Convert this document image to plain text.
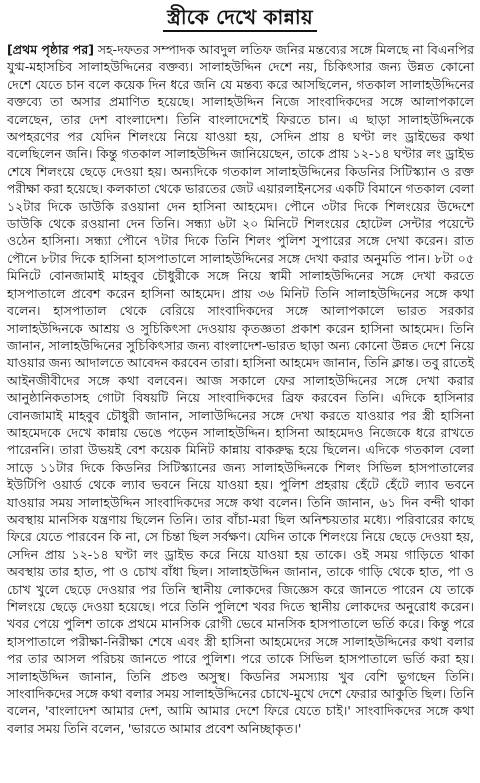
স্ত্রীকে দেখে কান্নায়
[প্রথম পৃষ্ঠার পর] সহ-দফতর সম্পাদক আবদুল লতিফ জনির মন্তব্যের সঙ্গে মিলছে না বিএনপির যুগ্ম-মহাসচিব সালাহউদ্দিনের বক্তব্য। সালাহউদ্দিন দেশে নয়, চিকিৎসার জন্য উন্নত কোনো দেশে যেতে চান বলে কয়েক দিন ধরে জনি যে মন্তব্য করে আসছিলেন, গতকাল সালাহউদ্দিনের বক্তব্যে তা অসার প্রমাণিত হয়েছে। সালাহউদ্দিন নিজে সাংবাদিকদের সঙ্গে আলাপকালে বলেছেন, তার দেশ বাংলাদেশ। তিনি বাংলাদেশেই ফিরতে চান। এ ছাড়া সালাহউদ্দিনকে অপহরণের পর যেদিন শিলংয়ে নিয়ে যাওয়া হয়, সেদিন প্রায় ৪ ঘণ্টা লং ড্রাইভের কথা বলেছিলেন জনি। কিন্তু গতকাল সালাহউদ্দিন জানিয়েছেন, তাকে প্রায় ১২-১৪ ঘণ্টার লং ড্রাইভ শেষে শিলংয়ে ছেড়ে দেওয়া হয়। অন্যদিকে গতকাল সালাহউদ্দিনের কিডনির সিটিস্ক্যান ও রক্ত পরীক্ষা করা হয়েছে। কলকাতা থেকে ভারতের জেট এয়ারলাইনসের একটি বিমানে গতকাল বেলা ১২টার দিকে ডাউকি রওয়ানা দেন হাসিনা আহমেদ। পৌনে ৩টার দিকে শিলংয়ের উদ্দেশে ডাউকি থেকে রওয়ানা দেন তিনি। সন্ধ্যা ৬টা ২০ মিনিটে শিলংয়ের হোটেল সেন্টার পয়েন্টে ওঠেন হাসিনা। সন্ধ্যা পৌনে ৭টার দিকে তিনি শিলং পুলিশ সুপারের সঙ্গে দেখা করেন। রাত পৌনে ৮টার দিকে হাসিনা হাসপাতালে সালাহউদ্দিনের সঙ্গে দেখা করার অনুমতি পান। ৮টা ০৫ মিনিটে বোনজামাই মাহবুব চৌধুরীকে সঙ্গে নিয়ে স্বামী সালাহউদ্দিনের সঙ্গে দেখা করতে হাসপাতালে প্রবেশ করেন হাসিনা আহমেদ। প্রায় ৩৬ মিনিট তিনি সালাহউদ্দিনের সঙ্গে কথা বলেন। হাসপাতাল থেকে বেরিয়ে সাংবাদিকদের সঙ্গে আলাপকালে ভারত সরকার সালাহউদ্দিনকে আশ্রয় ও সুচিকিৎসা দেওয়ায় কৃতজ্ঞতা প্রকাশ করেন হাসিনা আহমেদ। তিনি জানান, সালাহউদ্দিনের সুচিকিৎসার জন্য বাংলাদেশ-ভারত ছাড়া অন্য কোনো উন্নত দেশে নিয়ে যাওয়ার জন্য আদালতে আবেদন করবেন তারা। হাসিনা আহমেদ জানান, তিনি ক্লান্ত। তবু রাতেই আইনজীবীদের সঙ্গে কথা বলবেন। আজ সকালে ফের সালাহউদ্দিনের সঙ্গে দেখা করার আনুষ্ঠানিকতাসহ গোটা বিষয়টি নিয়ে সাংবাদিকদের ব্রিফ করবেন তিনি। এদিকে হাসিনার বোনজামাই মাহবুব চৌধুরী জানান, সালাউদ্দিনের সঙ্গে দেখা করতে যাওয়ার পর স্ত্রী হাসিনা আহমেদকে দেখে কান্নায় ভেঙে পড়েন সালাহউদ্দিন। হাসিনা আহমেদও নিজেকে ধরে রাখতে পারেননি। তারা উভয়ই বেশ কয়েক মিনিট কান্নায় বাকরুদ্ধ হয়ে ছিলেন। এদিকে গতকাল বেলা সাড়ে ১১টার দিকে কিডনির সিটিস্ক্যানের জন্য সালাহউদ্দিনকে শিলং সিভিল হাসপাতালের ইউটিপি ওয়ার্ড থেকে ল্যাব ভবনে নিয়ে যাওয়া হয়। পুলিশ প্রহরায় হেঁটে হেঁটে ল্যাব ভবনে যাওয়ার সময় সালাহউদ্দিন সাংবাদিকদের সঙ্গে কথা বলেন। তিনি জানান, ৬১ দিন বন্দী থাকা অবস্থায় মানসিক যন্ত্রণায় ছিলেন তিনি। তার বাঁচা-মরা ছিল অনিশ্চয়তার মধ্যে। পরিবারের কাছে ফিরে যেতে পারবেন কি না, সে চিন্তা ছিল সর্বক্ষণ। যেদিন তাকে শিলংয়ে নিয়ে ছেড়ে দেওয়া হয়, সেদিন প্রায় ১২-১৪ ঘণ্টা লং ড্রাইভ করে নিয়ে যাওয়া হয় তাকে। ওই সময় গাড়িতে থাকা অবস্থায় তার হাত, পা ও চোখ বাঁধা ছিল। সালাহউদ্দিন জানান, তাকে গাড়ি থেকে হাত, পা ও চোখ খুলে ছেড়ে দেওয়ার পর তিনি স্থানীয় লোকদের জিজ্ঞেস করে জানতে পারেন যে তাকে শিলংয়ে ছেড়ে দেওয়া হয়েছে। পরে তিনি পুলিশে খবর দিতে স্থানীয় লোকদের অনুরোধ করেন। খবর পেয়ে পুলিশ তাকে প্রথমে মানসিক রোগী ভেবে মানসিক হাসপাতালে ভর্তি করে। কিন্তু পরে হাসপাতালে পরীক্ষা-নিরীক্ষা শেষে এবং স্ত্রী হাসিনা আহমেদের সঙ্গে সালাহউদ্দিনের কথা বলার পর তার আসল পরিচয় জানতে পারে পুলিশ। পরে তাকে সিভিল হাসপাতালে ভর্তি করা হয়। সালাহউদ্দিন জানান, তিনি প্রচণ্ড অসুস্থ। কিডনির সমস্যায় খুব বেশি ভুগছেন তিনি। সাংবাদিকদের সঙ্গে কথা বলার সময় সালাহউদ্দিনের চোখে-মুখে দেশে ফেরার আকুতি ছিল। তিনি বলেন, 'বাংলাদেশ আমার দেশ, আমি আমার দেশে ফিরে যেতে চাই।' সাংবাদিকদের সঙ্গে কথা বলার সময় তিনি বলেন, 'ভারতে আমার প্রবেশ অনিচ্ছাকৃত।'
